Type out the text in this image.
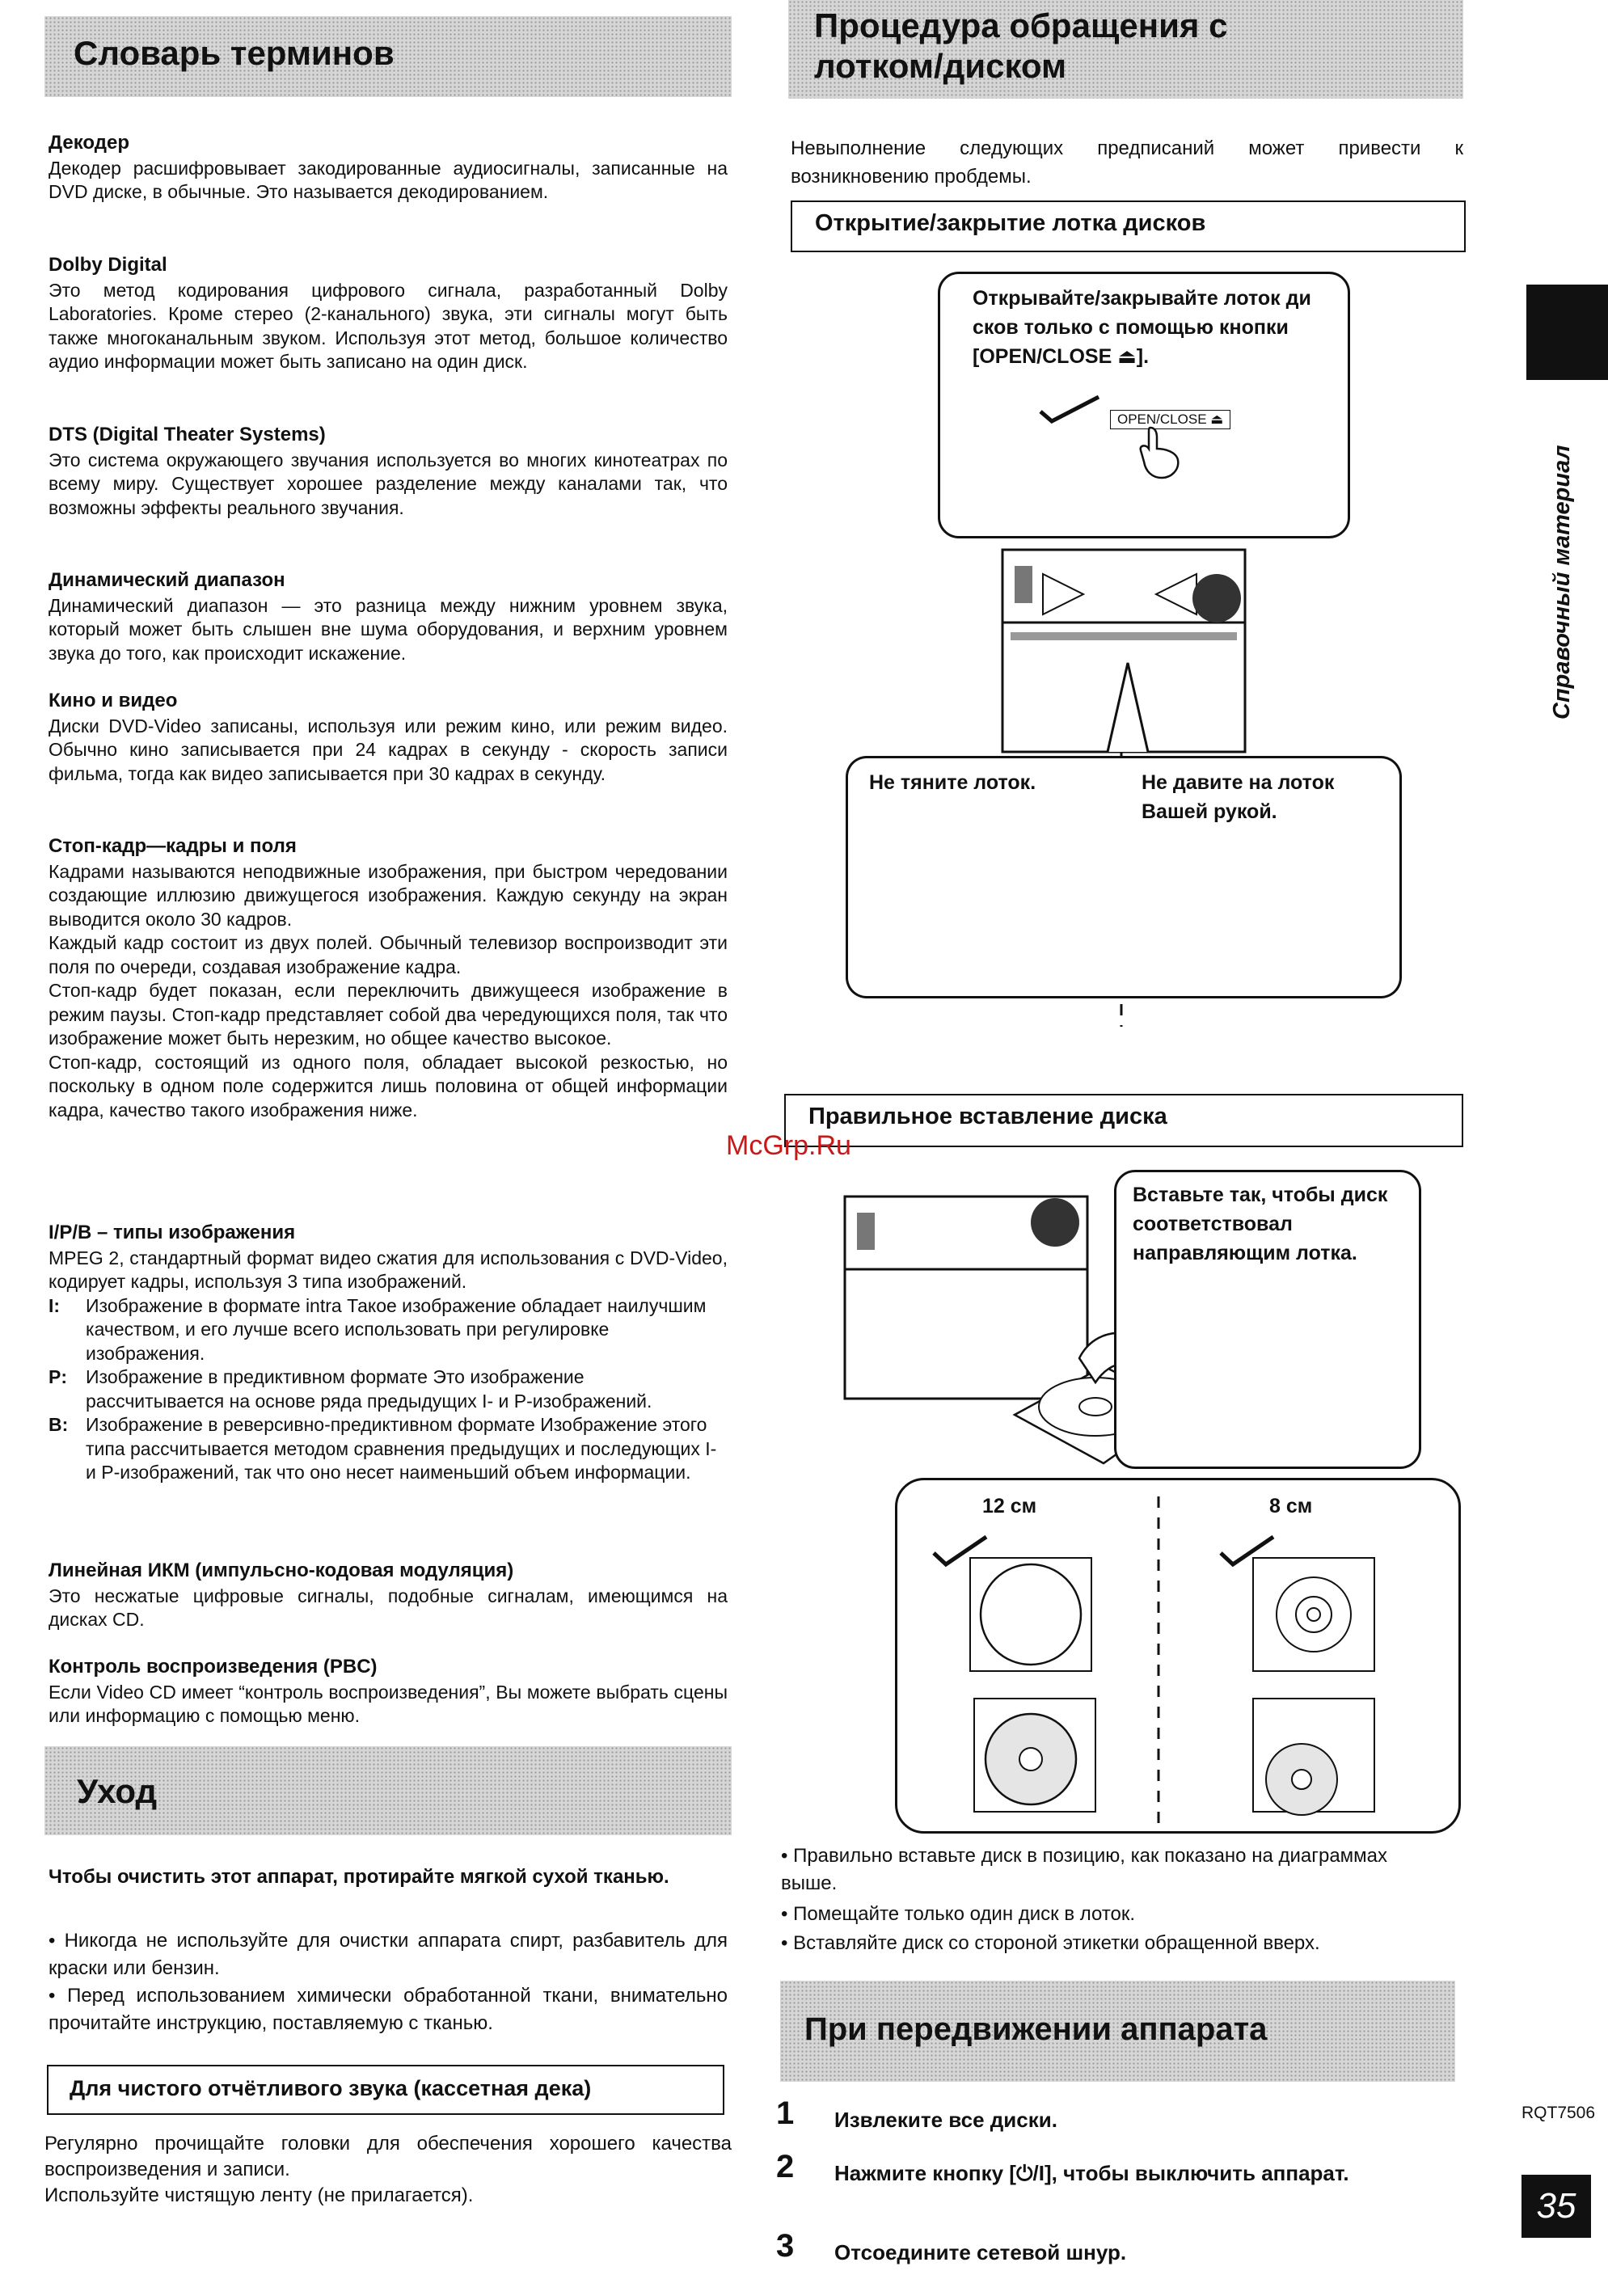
Словарь терминов
Декодер

Декодер расшифровывает закодированные аудиосигналы, записанные на DVD диске, в обычные. Это называется декодированием.

Dolby Digital

Это метод кодирования цифрового сигнала, разработанный Dolby Laboratories. Кроме стерео (2-канального) звука, эти сигналы могут быть также многоканальным звуком. Используя этот метод, большое количество аудио информации может быть записано на один диск.

DTS (Digital Theater Systems)

Это система окружающего звучания используется во многих кинотеатрах по всему миру. Существует хорошее разделение между каналами так, что возможны эффекты реального звучания.

Динамический диапазон

Динамический диапазон — это разница между нижним уровнем звука, который может быть слышен вне шума оборудования, и верхним уровнем звука до того, как происходит искажение.

Кино и видео

Диски DVD-Video записаны, используя или режим кино, или режим видео. Обычно кино записывается при 24 кадрах в секунду - скорость записи фильма, тогда как видео записывается при 30 кадрах в секунду.

Стоп-кадр—кадры и поля

Кадрами называются неподвижные изображения, при быстром чередовании создающие иллюзию движущегося изображения. Каждую секунду на экран выводится около 30 кадров.

Каждый кадр состоит из двух полей. Обычный телевизор воспроизводит эти поля по очереди, создавая изображение кадра.

Стоп-кадр будет показан, если переключить движущееся изображение в режим паузы. Стоп-кадр представляет собой два чередующихся поля, так что изображение может быть нерезким, но общее качество высокое.

Стоп-кадр, состоящий из одного поля, обладает высокой резкостью, но поскольку в одном поле содержится лишь половина от общей информации кадра, качество такого изображения ниже.

I/P/B – типы изображения

MPEG 2, стандартный формат видео сжатия для использования с DVD-Video, кодирует кадры, используя 3 типа изображений.

I:	Изображение в формате intra Такое изображение обладает наилучшим качеством, и его лучше всего использовать при регулировке изображения.
P:	Изображение в предиктивном формате Это изображение рассчитывается на основе ряда предыдущих I- и P-изображений.
B: Изображение в реверсивно-предиктивном формате Изображение этого типа рассчитывается методом сравнения предыдущих и последующих I- и P-изображений, так что оно несет наименьший объем информации.
Линейная ИКМ (импульсно-кодовая модуляция)

Это несжатые цифровые сигналы, подобные сигналам, имеющимся на дисках CD.

Контроль воспроизведения (PBC)

Если Video CD имеет “контроль воспроизведения”, Вы можете выбрать сцены или информацию с помощью меню.

Уход
Чтобы очистить этот аппарат, протирайте мягкой сухой тканью.
• Никогда не используйте для очистки аппарата спирт, разбавитель для краски или бензин.
• Перед использованием химически обработанной ткани, внимательно прочитайте инструкцию, поставляемую с тканью.
Для чистого отчётливого звука (кассетная дека)
Регулярно прочищайте головки для обеспечения хорошего качества воспроизведения и записи.
Используйте чистящую ленту (не прилагается).
Процедура обращения с
лотком/диском
Невыполнение следующих предписаний может привести к возникновению пробдемы.
Открытие/закрытие лотка дисков
Открывайте/закрывайте лоток ди сков только с помощью кнопки [OPEN/CLOSE ⏏].
OPEN/CLOSE ⏏
Не тяните лоток.	Не давите на лоток Вашей рукой.
Правильное вставление диска
Вставьте так, чтобы диск соответствовал направляющим лотка.
12 см	8 см
• Правильно вставьте диск в позицию, как показано на диаграммах выше.
• Помещайте только один диск в лоток.
• Вставляйте диск со стороной этикетки обращенной вверх.
При передвижении аппарата
1 Извлеките все диски.
2 Нажмите кнопку [⏻/I], чтобы выключить аппарат.
3 Отсоедините сетевой шнур.
Справочный материал
RQT7506
35
McGrp.Ru
